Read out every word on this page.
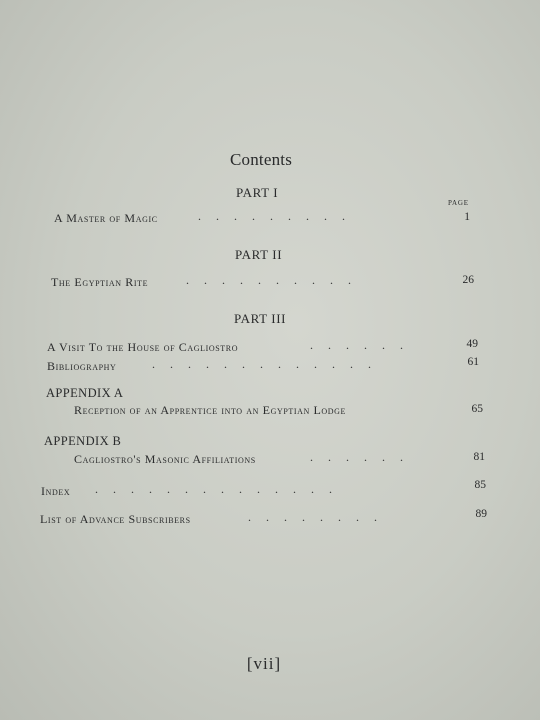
Contents
PART I
PAGE
A Master of Magic	.     .     .     .     .     .     .     .     .	1
PART II
The Egyptian Rite	.     .     .     .     .     .     .     .     .     .	26
PART III
A Visit To the House of Cagliostro	.     .     .     .     .     .	49
Bibliography	.     .     .     .     .     .     .     .     .     .     .     .     .	61
APPENDIX A
Reception of an Apprentice into an Egyptian Lodge	65
APPENDIX B
Cagliostro's Masonic Affiliations	.     .     .     .     .     .	81
Index .     .     .     .     .     .     .     .     .     .     .     .     .     .	85
List of Advance Subscribers	.     .     .     .     .     .     .     .	89
[vii]
